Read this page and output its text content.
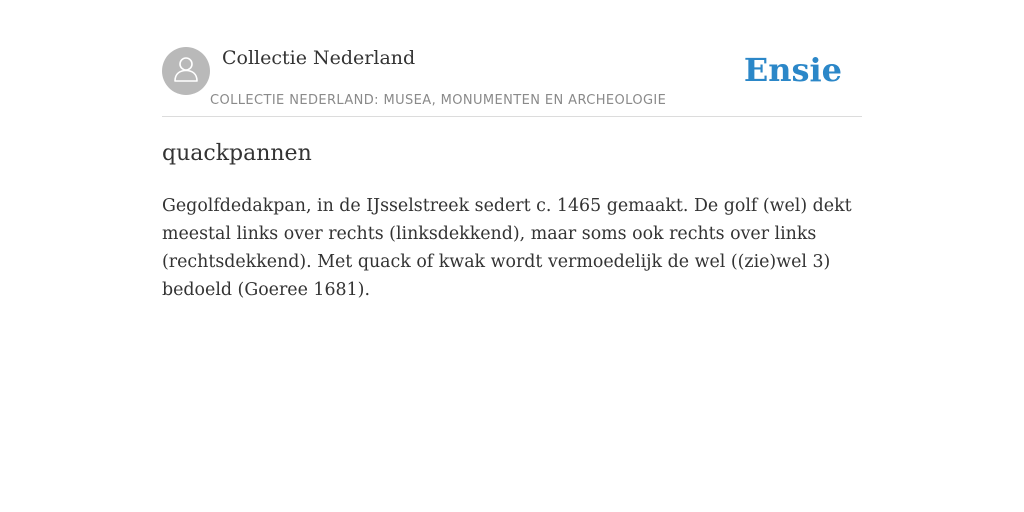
Collectie Nederland
COLLECTIE NEDERLAND: MUSEA, MONUMENTEN EN ARCHEOLOGIE
Ensie
quackpannen

Gegolfdedakpan, in de IJsselstreek sedert c. 1465 gemaakt. De golf (wel) dekt meestal links over rechts (linksdekkend), maar soms ook rechts over links (rechtsdekkend). Met quack of kwak wordt vermoedelijk de wel ((zie)wel 3) bedoeld (Goeree 1681).
